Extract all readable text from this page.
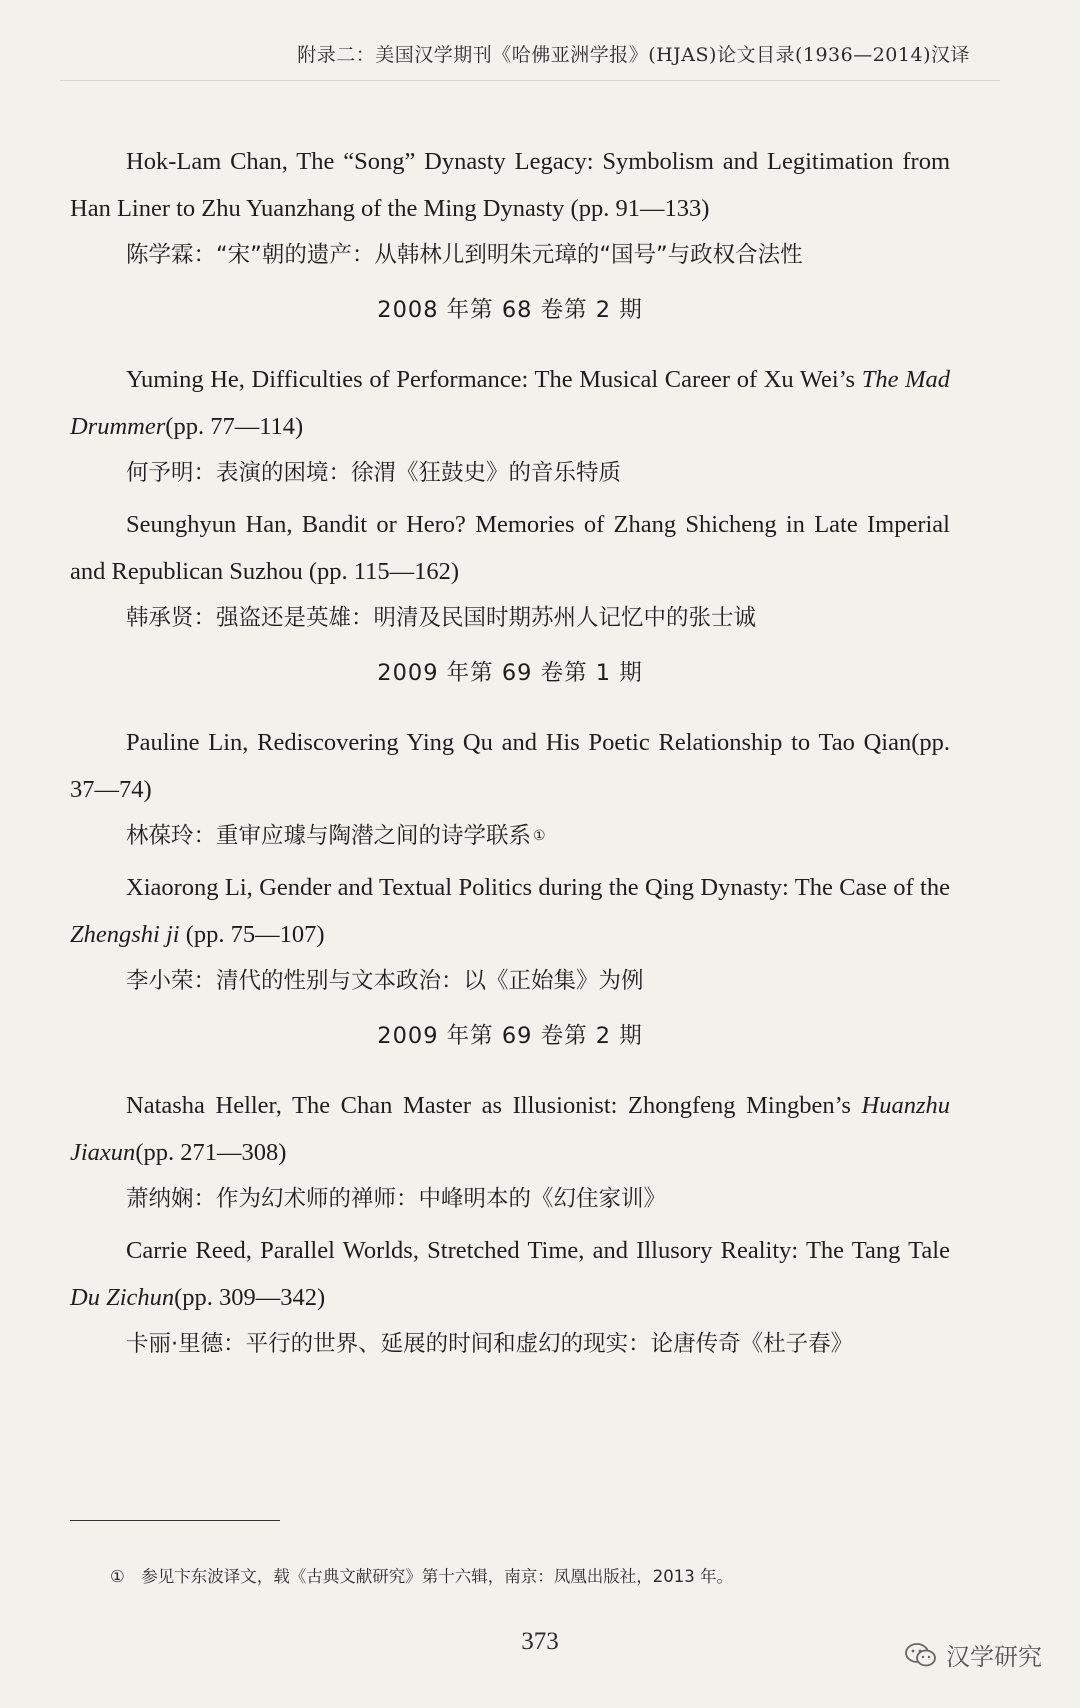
附录二：美国汉学期刊《哈佛亚洲学报》(HJAS)论文目录(1936—2014)汉译

Hok-Lam Chan, The “Song” Dynasty Legacy: Symbolism and Legitimation from Han Liner to Zhu Yuanzhang of the Ming Dynasty (pp. 91—133)

陈学霖：“宋”朝的遗产：从韩林儿到明朱元璋的“国号”与政权合法性

2008 年第 68 卷第 2 期

Yuming He, Difficulties of Performance: The Musical Career of Xu Wei’s The Mad Drummer(pp. 77—114)

何予明：表演的困境：徐渭《狂鼓史》的音乐特质

Seunghyun Han, Bandit or Hero? Memories of Zhang Shicheng in Late Imperial and Republican Suzhou (pp. 115—162)

韩承贤：强盗还是英雄：明清及民国时期苏州人记忆中的张士诚

2009 年第 69 卷第 1 期

Pauline Lin, Rediscovering Ying Qu and His Poetic Relationship to Tao Qian(pp. 37—74)

林葆玲：重审应璩与陶潜之间的诗学联系 ①

Xiaorong Li, Gender and Textual Politics during the Qing Dynasty: The Case of the Zhengshi ji (pp. 75—107)

李小荣：清代的性别与文本政治：以《正始集》为例

2009 年第 69 卷第 2 期

Natasha Heller, The Chan Master as Illusionist: Zhongfeng Mingben’s Huanzhu Jiaxun(pp. 271—308)

萧纳娴：作为幻术师的禅师：中峰明本的《幻住家训》

Carrie Reed, Parallel Worlds, Stretched Time, and Illusory Reality: The Tang Tale Du Zichun(pp. 309—342)

卡丽·里德：平行的世界、延展的时间和虚幻的现实：论唐传奇《杜子春》

①　参见卞东波译文，载《古典文献研究》第十六辑，南京：凤凰出版社，2013 年。
373
汉学研究
